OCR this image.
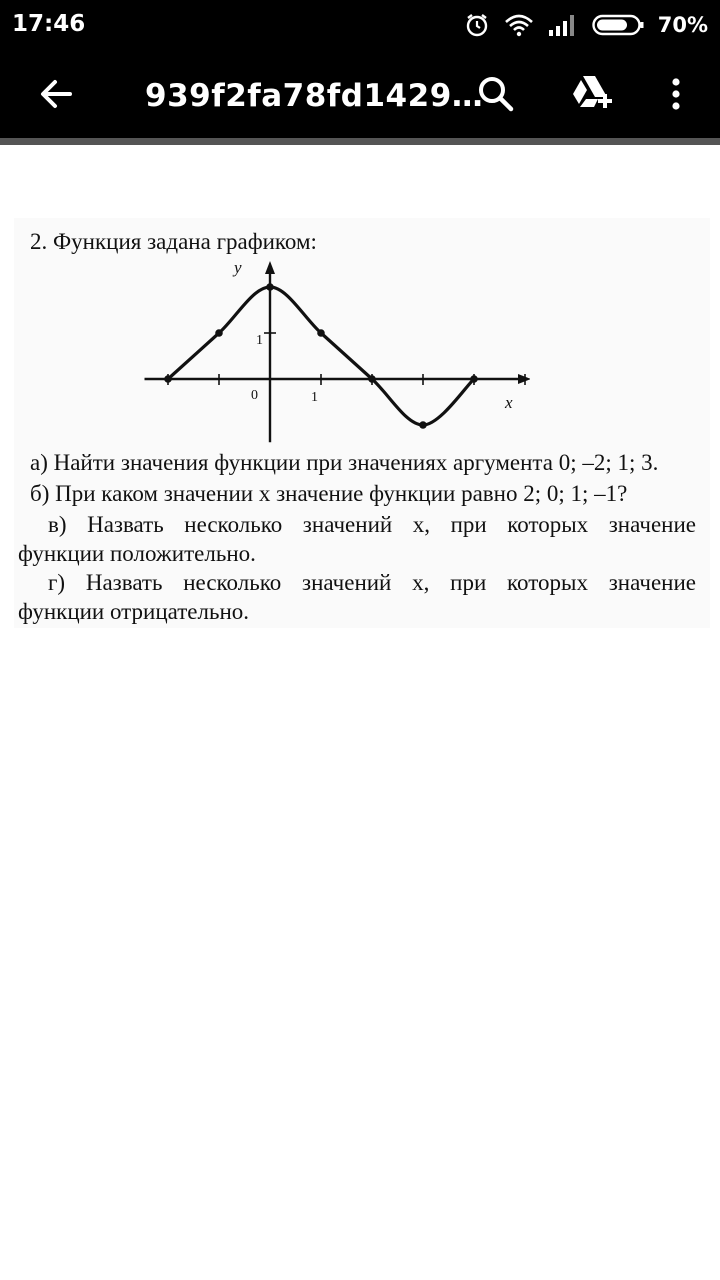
17:46	70%
939f2fa78fd1429…
2. Функция задана графиком:
0	1
1
x
y
а) Найти значения функции при значениях аргумента 0; –2; 1; 3.
б) При каком значении x значение функции равно 2; 0; 1; –1?
в) Назвать несколько значений x, при которых значение
функции положительно.
г) Назвать несколько значений x, при которых значение
функции отрицательно.
